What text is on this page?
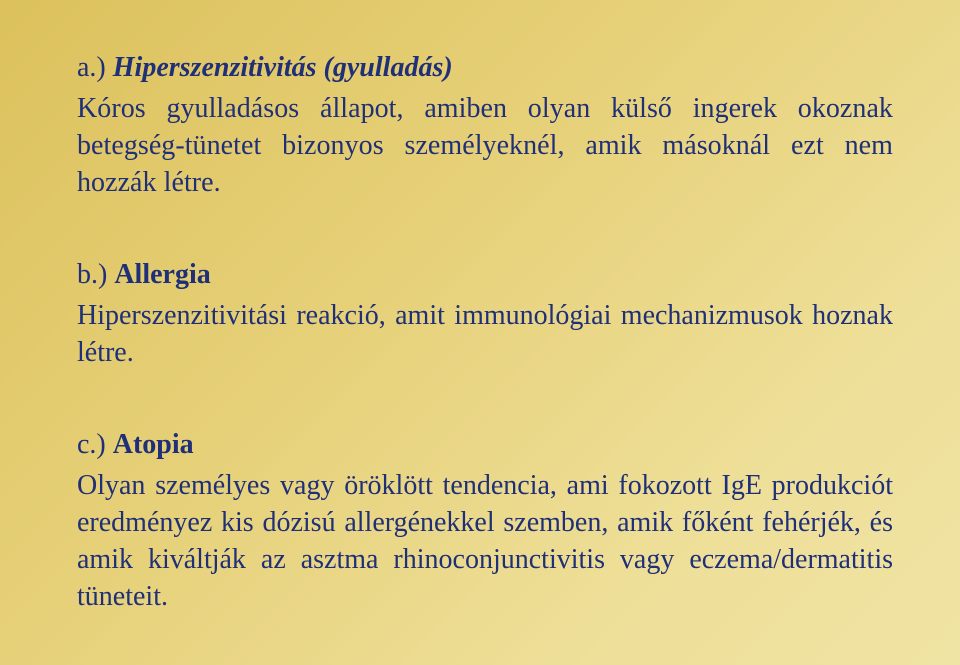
a.) Hiperszenzitivitás (gyulladás)
Kóros gyulladásos állapot, amiben olyan külső ingerek okoznak betegség-tünetet bizonyos személyeknél, amik másoknál ezt nem hozzák létre.
b.) Allergia
Hiperszenzitivitási reakció, amit immunológiai mechanizmusok hoznak létre.
c.) Atopia
Olyan személyes vagy öröklött tendencia, ami fokozott IgE produkciót eredményez kis dózisú allergénekkel szemben, amik főként fehérjék, és amik kiváltják az asztma rhinoconjunctivitis vagy eczema/dermatitis tüneteit.
